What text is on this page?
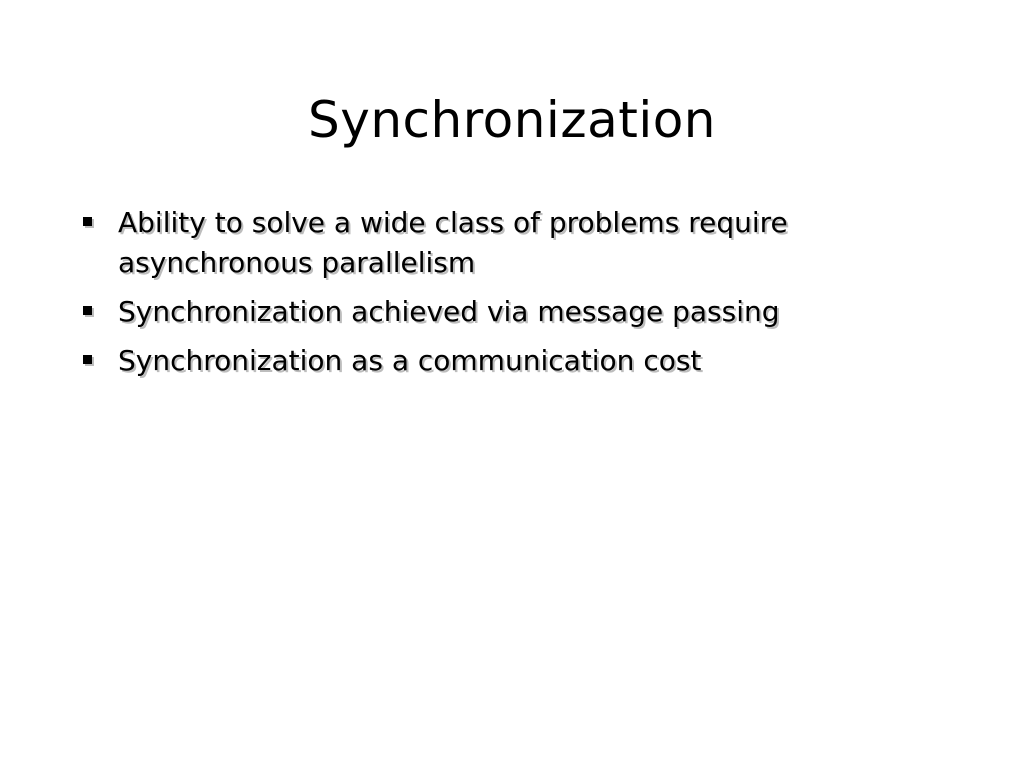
Synchronization
Ability to solve a wide class of problems require asynchronous parallelism
Synchronization achieved via message passing
Synchronization as a communication cost
